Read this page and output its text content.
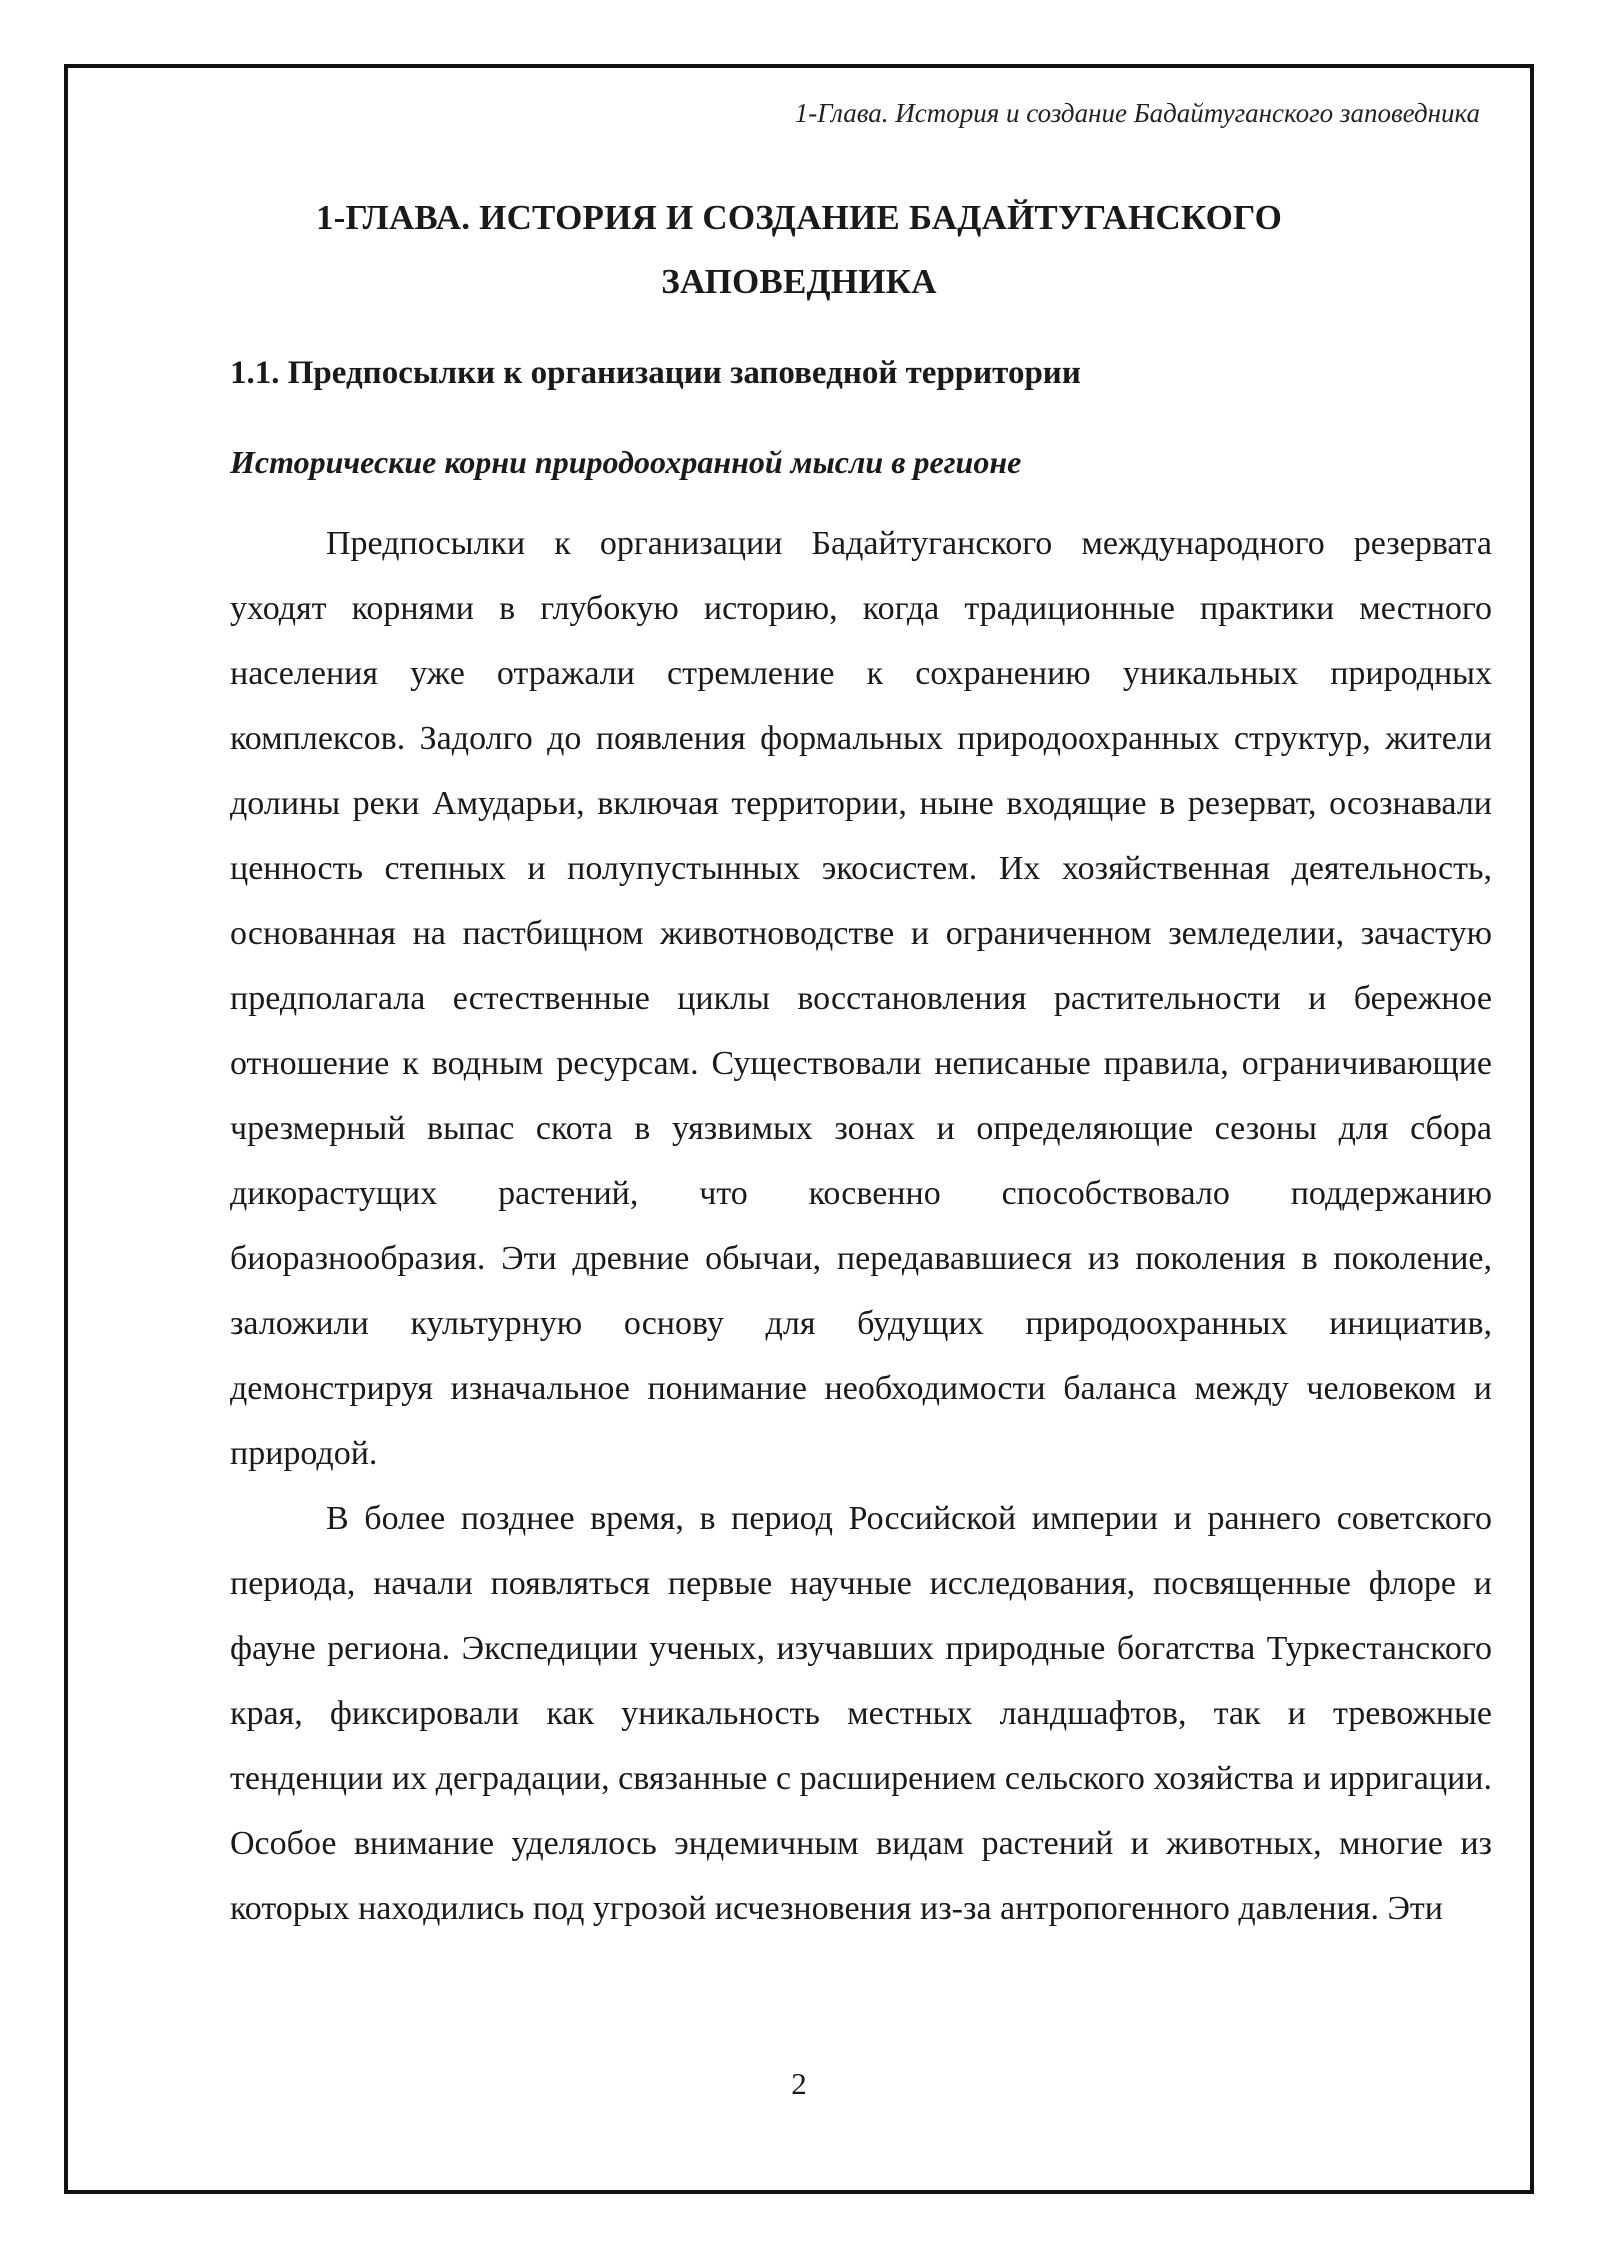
1-Глава. История и создание Бадайтуганского заповедника
1-ГЛАВА. ИСТОРИЯ И СОЗДАНИЕ БАДАЙТУГАНСКОГО
ЗАПОВЕДНИКА
1.1. Предпосылки к организации заповедной территории
Исторические корни природоохранной мысли в регионе

Предпосылки к организации Бадайтуганского международного резервата уходят корнями в глубокую историю, когда традиционные практики местного населения уже отражали стремление к сохранению уникальных природных комплексов. Задолго до появления формальных природоохранных структур, жители долины реки Амударьи, включая территории, ныне входящие в резерват, осознавали ценность степных и полупустынных экосистем. Их хозяйственная деятельность, основанная на пастбищном животноводстве и ограниченном земледелии, зачастую предполагала естественные циклы восстановления растительности и бережное отношение к водным ресурсам. Существовали неписаные правила, ограничивающие чрезмерный выпас скота в уязвимых зонах и определяющие сезоны для сбора дикорастущих растений, что косвенно способствовало поддержанию биоразнообразия. Эти древние обычаи, передававшиеся из поколения в поколение, заложили культурную основу для будущих природоохранных инициатив, демонстрируя изначальное понимание необходимости баланса между человеком и природой.

В более позднее время, в период Российской империи и раннего советского периода, начали появляться первые научные исследования, посвященные флоре и фауне региона. Экспедиции ученых, изучавших природные богатства Туркестанского края, фиксировали как уникальность местных ландшафтов, так и тревожные тенденции их деградации, связанные с расширением сельского хозяйства и ирригации. Особое внимание уделялось эндемичным видам растений и животных, многие из которых находились под угрозой исчезновения из-за антропогенного давления. Эти

2
